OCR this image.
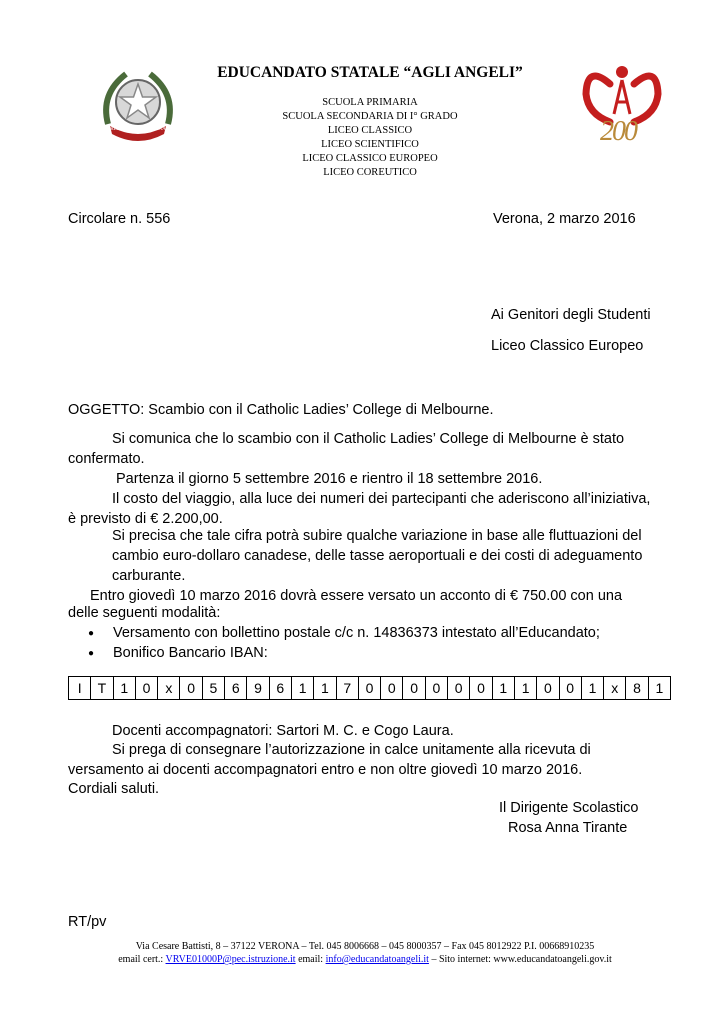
REPUBBLICA ITALIANA	200
EDUCANDATO STATALE “AGLI ANGELI”
SCUOLA PRIMARIA
SCUOLA SECONDARIA DI I° GRADO
LICEO CLASSICO
LICEO SCIENTIFICO
LICEO CLASSICO EUROPEO
LICEO COREUTICO
Circolare n. 556	Verona, 2 marzo 2016
Ai Genitori degli Studenti
Liceo Classico Europeo
OGGETTO: Scambio con il Catholic Ladies’ College di Melbourne.
Si comunica che lo scambio con il Catholic Ladies’ College di Melbourne è stato
confermato.
Partenza il giorno 5 settembre 2016 e rientro il 18 settembre 2016.
Il costo del viaggio, alla luce dei numeri dei partecipanti che aderiscono all’iniziativa,
è previsto di € 2.200,00.
Si precisa che tale cifra potrà subire qualche variazione in base alle fluttuazioni del
cambio euro-dollaro canadese, delle tasse aeroportuali e dei costi di adeguamento
carburante.
Entro giovedì 10 marzo 2016 dovrà essere versato un acconto di € 750.00 con una
delle seguenti modalità:
● Versamento con bollettino postale c/c n. 14836373 intestato all’Educandato;
● Bonifico Bancario IBAN:
I	T	1	0	x	0	5	6	9	6	1	1	7	0	0	0	0	0	0	1	1	0	0	1	x	8	1
Docenti accompagnatori: Sartori M. C. e Cogo Laura.
Si prega di consegnare l’autorizzazione in calce unitamente alla ricevuta di
versamento ai docenti accompagnatori entro e non oltre giovedì 10 marzo 2016.
Cordiali saluti.
Il Dirigente Scolastico
Rosa Anna Tirante
RT/pv
Via Cesare Battisti, 8 – 37122 VERONA – Tel. 045 8006668 – 045 8000357 – Fax 045 8012922 P.I. 00668910235
email cert.: VRVE01000P@pec.istruzione.it email: info@educandatoangeli.it – Sito internet: www.educandatoangeli.gov.it
